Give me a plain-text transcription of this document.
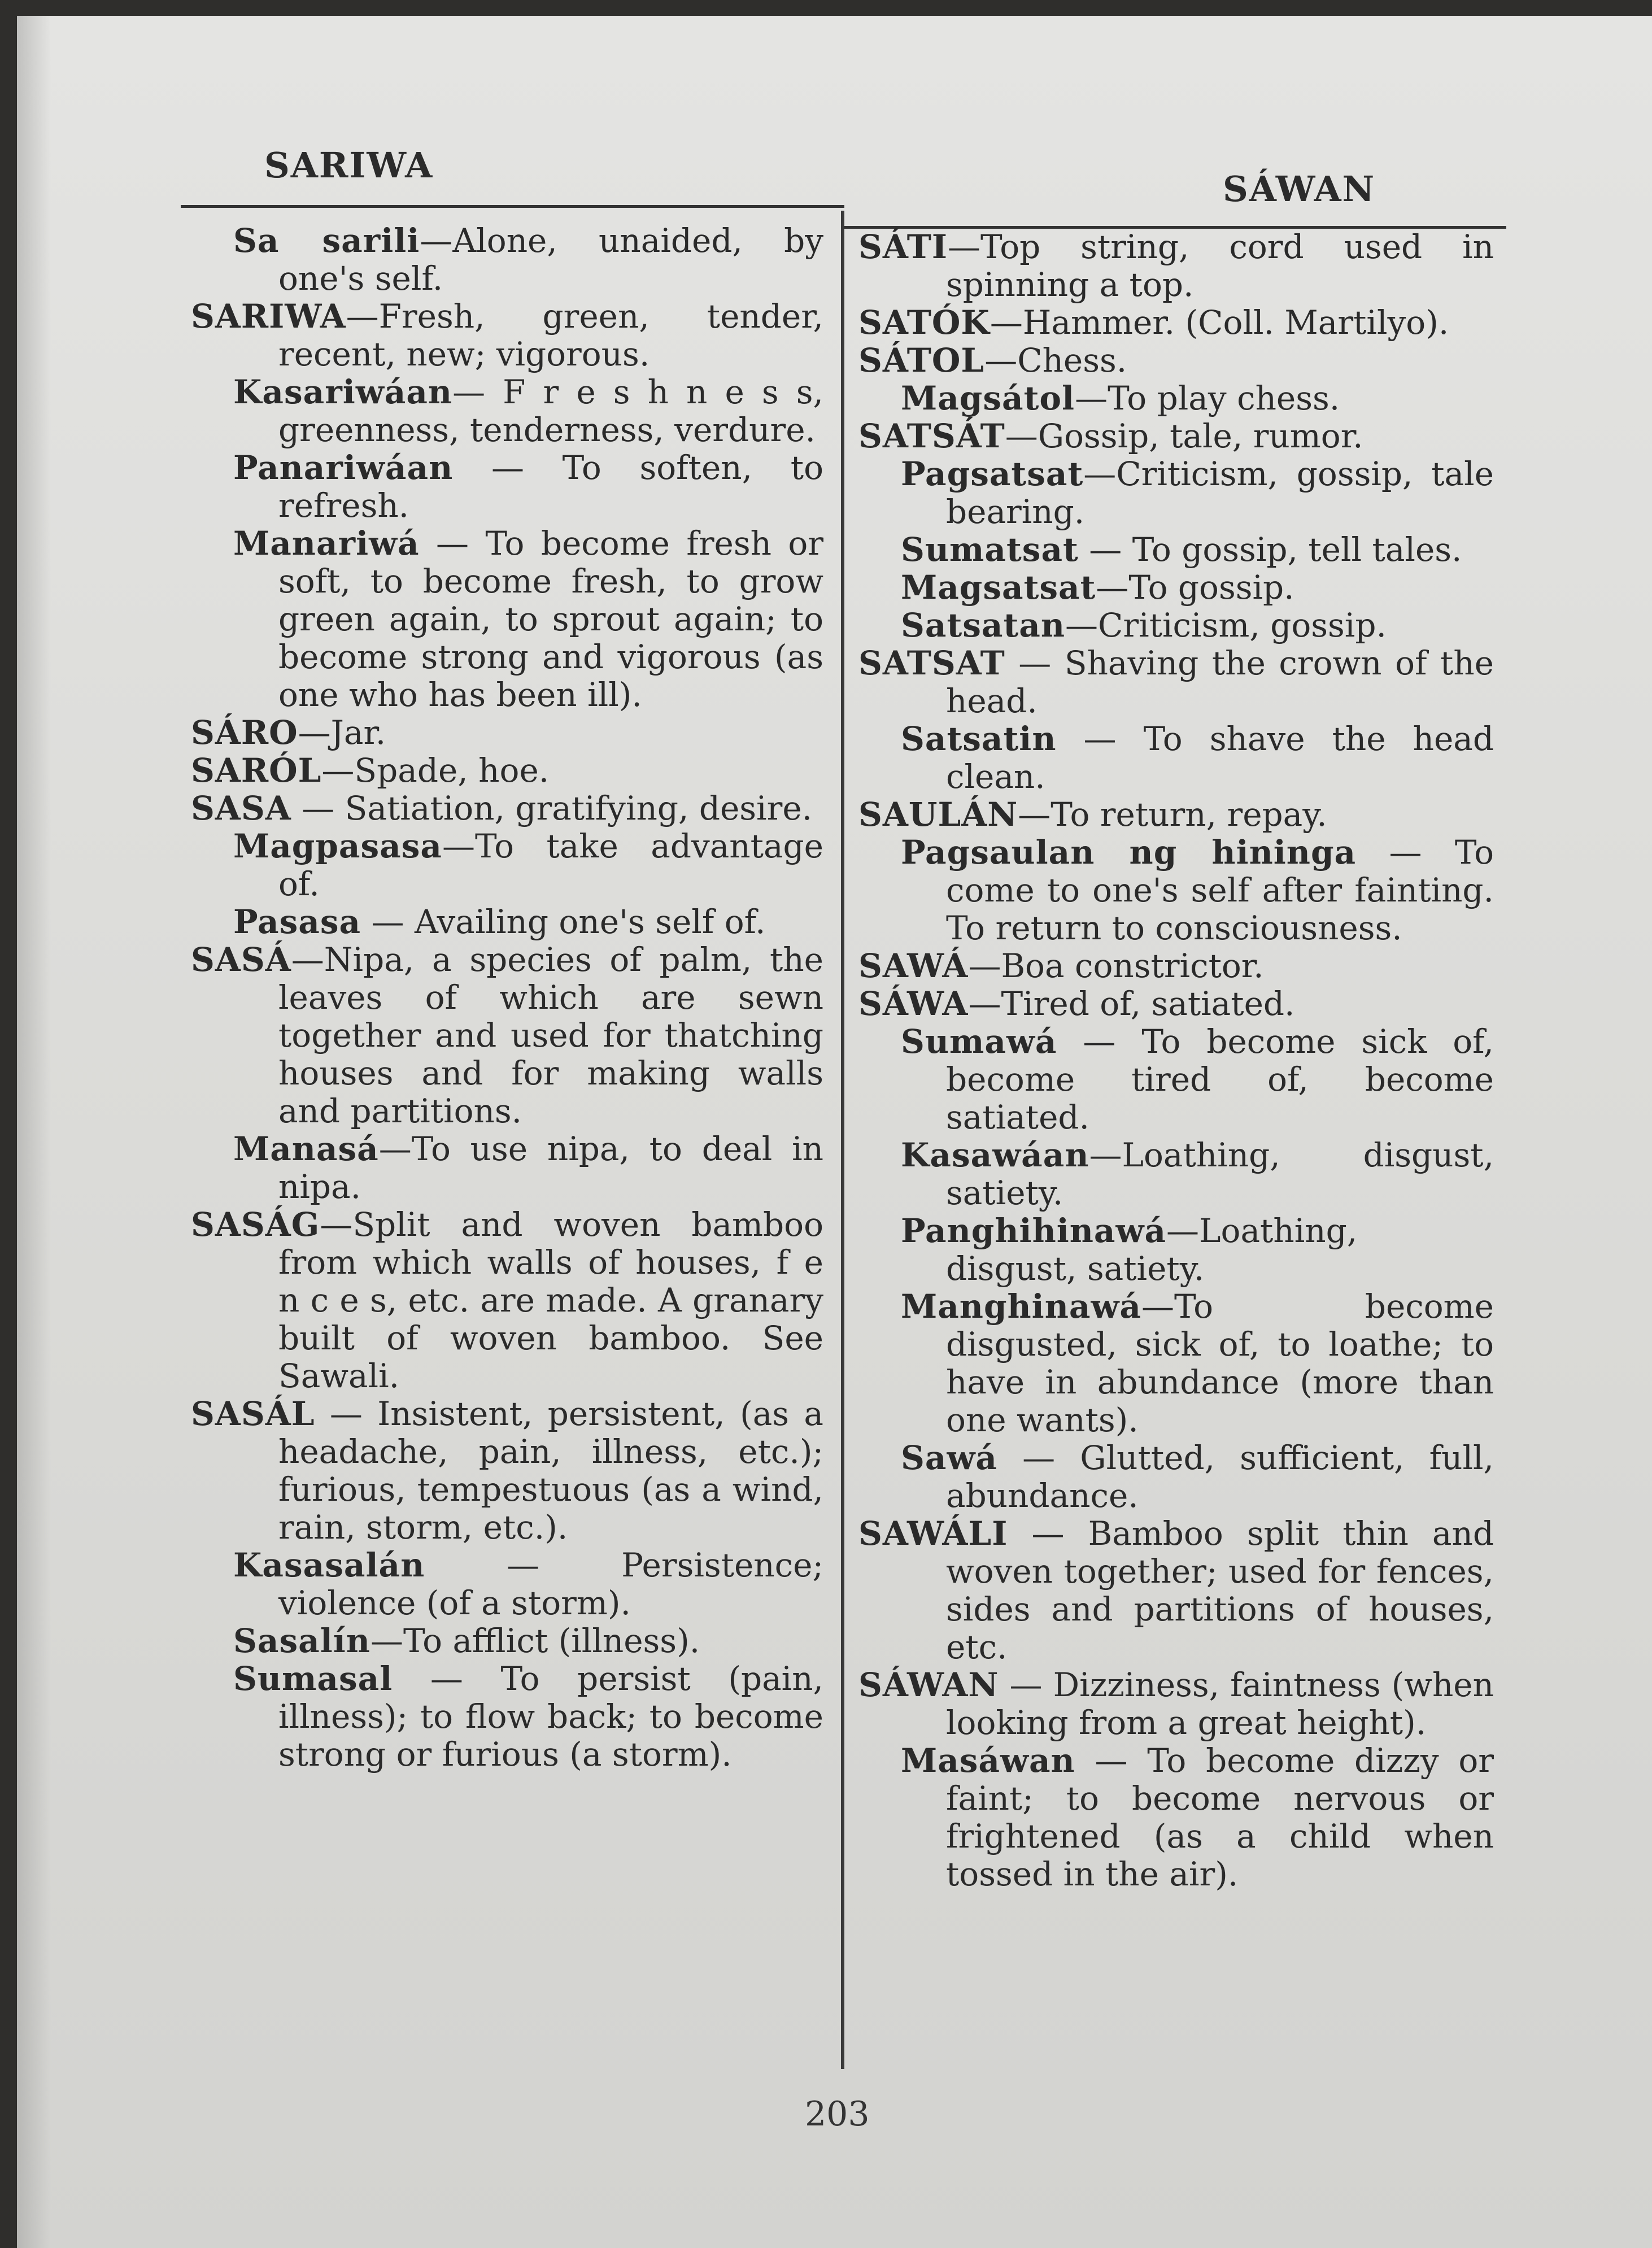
SARIWA
SÁWAN

Sa sarili—Alone, unaided, by one's self.

SARIWA—Fresh, green, tender, recent, new; vigorous.

Kasariwáan— F r e s h n e s s, greenness, tenderness, verdure.

Panariwáan — To soften, to refresh.

Manariwá — To become fresh or soft, to become fresh, to grow green again, to sprout again; to become strong and vigorous (as one who has been ill).

SÁRO—Jar.

SARÓL—Spade, hoe.

SASA — Satiation, gratifying, desire.

Magpasasa—To take advantage of.

Pasasa — Availing one's self of.

SASÁ—Nipa, a species of palm, the leaves of which are sewn together and used for thatching houses and for making walls and partitions.

Manasá—To use nipa, to deal in nipa.

SASÁG—Split and woven bamboo from which walls of houses, f e n c e s, etc. are made. A granary built of woven bamboo. See Sawali.

SASÁL — Insistent, persistent, (as a headache, pain, illness, etc.); furious, tempestuous (as a wind, rain, storm, etc.).

Kasasalán — Persistence; violence (of a storm).

Sasalín—To afflict (illness).

Sumasal — To persist (pain, illness); to flow back; to become strong or furious (a storm).

SÁTI—Top string, cord used in spinning a top.

SATÓK—Hammer. (Coll. Martilyo).

SÁTOL—Chess.

Magsátol—To play chess.

SATSÁT—Gossip, tale, rumor.

Pagsatsat—Criticism, gossip, tale bearing.

Sumatsat — To gossip, tell tales.

Magsatsat—To gossip.

Satsatan—Criticism, gossip.

SATSAT — Shaving the crown of the head.

Satsatin — To shave the head clean.

SAULÁN—To return, repay.

Pagsaulan ng hininga — To come to one's self after fainting. To return to consciousness.

SAWÁ—Boa constrictor.

SÁWA—Tired of, satiated.

Sumawá — To become sick of, become tired of, become satiated.

Kasawáan—Loathing, disgust, satiety.

Panghihinawá—Loathing, disgust, satiety.

Manghinawá—To become disgusted, sick of, to loathe; to have in abundance (more than one wants).

Sawá — Glutted, sufficient, full, abundance.

SAWÁLI — Bamboo split thin and woven together; used for fences, sides and partitions of houses, etc.

SÁWAN — Dizziness, faintness (when looking from a great height).

Masáwan — To become dizzy or faint; to become nervous or frightened (as a child when tossed in the air).

203
